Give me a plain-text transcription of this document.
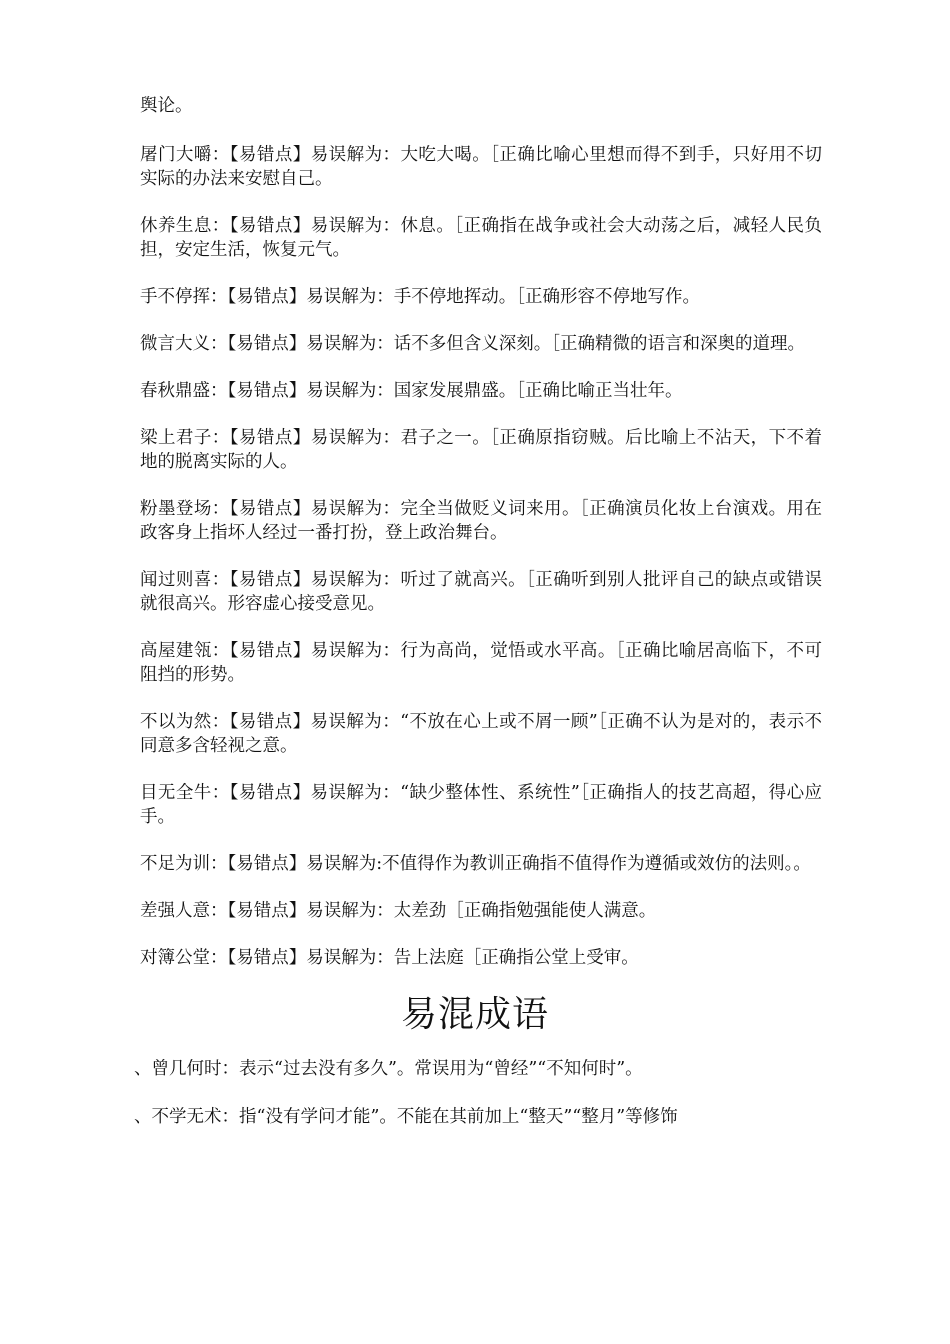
舆论。

屠门大嚼：【易错点】易误解为：大吃大喝。［正确比喻心里想而得不到手，只好用不切实际的办法来安慰自己。

休养生息：【易错点】易误解为：休息。［正确指在战争或社会大动荡之后，减轻人民负担，安定生活，恢复元气。

手不停挥：【易错点】易误解为：手不停地挥动。［正确形容不停地写作。

微言大义：【易错点】易误解为：话不多但含义深刻。［正确精微的语言和深奥的道理。

春秋鼎盛：【易错点】易误解为：国家发展鼎盛。［正确比喻正当壮年。

梁上君子：【易错点】易误解为：君子之一。［正确原指窃贼。后比喻上不沾天，下不着地的脱离实际的人。

粉墨登场：【易错点】易误解为：完全当做贬义词来用。［正确演员化妆上台演戏。用在政客身上指坏人经过一番打扮，登上政治舞台。

闻过则喜：【易错点】易误解为：听过了就高兴。［正确听到别人批评自己的缺点或错误就很高兴。形容虚心接受意见。

高屋建瓴：【易错点】易误解为：行为高尚，觉悟或水平高。［正确比喻居高临下，不可阻挡的形势。

不以为然：【易错点】易误解为：“不放在心上或不屑一顾”［正确不认为是对的，表示不同意多含轻视之意。

目无全牛：【易错点】易误解为：“缺少整体性、系统性”［正确指人的技艺高超，得心应手。

不足为训：【易错点】易误解为:不值得作为教训正确指不值得作为遵循或效仿的法则。。

差强人意：【易错点】易误解为：太差劲［正确指勉强能使人满意。

对簿公堂：【易错点】易误解为：告上法庭［正确指公堂上受审。

易混成语

、曾几何时：表示“过去没有多久”。常误用为“曾经”“不知何时”。

、不学无术：指“没有学问才能”。不能在其前加上“整天”“整月”等修饰
